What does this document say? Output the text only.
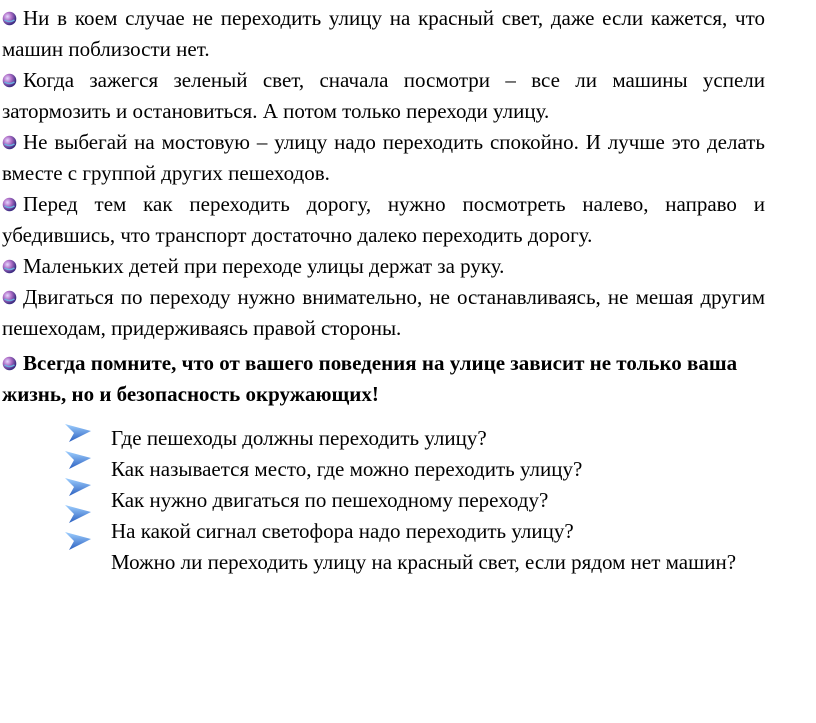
Ни в коем случае не переходить улицу на красный свет, даже если кажется, что машин поблизости нет.

Когда зажегся зеленый свет, сначала посмотри – все ли машины успели затормозить и остановиться. А потом только переходи улицу.

Не выбегай на мостовую – улицу надо переходить спокойно. И лучше это делать вместе с группой других пешеходов.

Перед тем как переходить дорогу, нужно посмотреть налево, направо и убедившись, что транспорт достаточно далеко переходить дорогу.

Маленьких детей при переходе улицы держат за руку.

Двигаться по переходу нужно внимательно, не останавливаясь, не мешая другим пешеходам, придерживаясь правой стороны.

Всегда помните, что от вашего поведения на улице зависит не только ваша жизнь, но и безопасность окружающих!

Где пешеходы должны переходить улицу?

Как называется место, где можно переходить улицу?

Как нужно двигаться по пешеходному переходу?

На какой сигнал светофора надо переходить улицу?

Можно ли переходить улицу на красный свет, если рядом нет машин?
